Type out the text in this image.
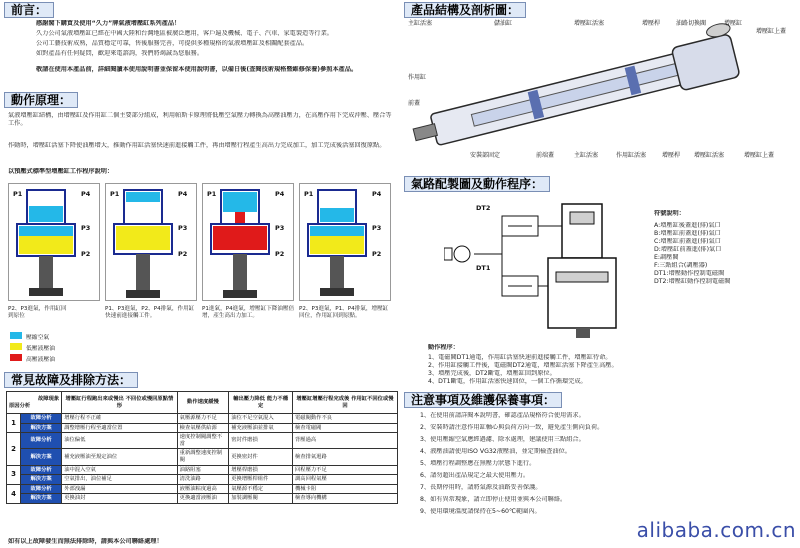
前言：
感謝閣下購買及使用“久力”牌氣液增壓缸系列產品！
久力公司氣液增壓缸已經在中國大陸和台灣地區被廣泛應用，客戶遍及機械、電子、汽車、家電製造等行業。
公司工藝技術成熟，品質穩定可靠，售後服務完善，可提供多種規格的氣液增壓缸及相關配套產品。
如對產品有任何疑問，歡迎來電諮詢，我們將竭誠為您服務。
敬請在使用本產品前，詳細閱讀本使用說明書並保留本使用說明書，以備日後(查閱技術規格暨維修保養)參照本產品。
動作原理：
氣液增壓缸結構，由增壓缸及作用缸二個主要部分組成，利用帕斯卡原理將低壓空氣壓力轉換為高壓油壓力，在高壓作用下完成沖壓、壓合等工作。
作動時，增壓缸活塞下降使油壓增大，推動作用缸活塞快速前進接觸工件，再由增壓行程產生高出力完成加工，加工完成後活塞回復原點。
以預壓式標準型增壓缸工作程序說明：
P1	P4
P3
P2
P1	P4
P3
P2
P1	P4
P3
P2
P1	P4
P3
P2
P2、P3進氣，作用缸回到原位
P1、P3進氣，P2、P4排氣，作用缸快速前進接觸工件。
P1進氣，P4進氣，增壓缸下降油壓倍增，產生高出力加工。
P2、P3進氣，P1、P4排氣，增壓缸回位，作用缸回到原點。
壓縮空氣
低壓液壓油
高壓液壓油
常見故障及排除方法：
故障現象
原因分析		增壓缸行程跑出來或慢出 不回位或慢回原點情形	動作速度緩慢	輸出壓力降低 能力不穩定	增壓缸增壓行程完成後 作用缸不回位或慢回
1	故障分析	增壓行程不正確	氣壓源壓力不足	油位不足空氣混入	電磁閥動作不良
	解決方案	調整增壓行程至適當位置	檢查氣壓供給源	補充液壓油並排氣	檢查電磁閥
2	故障分析	油位偏低	速度控制閥調整不當	密封件磨損	背壓過高
	解決方案	補充液壓油至規定油位	重新調整速度控制閥	更換密封件	檢查排氣迴路
3	故障分析	油中混入空氣	油路阻塞	增壓桿磨損	回程壓力不足
	解決方案	空氣排出，油位補足	清洗油路	更換增壓桿組件	調高回程氣壓
4	故障分析	外部洩漏	液壓油粘度過高	氣壓源不穩定	機械卡阻
	解決方案	更換油封	更換適當液壓油	加裝調壓閥	檢查導向機構
如有以上故障發生而無法排除時，請與本公司聯絡處理！
產品結構及剖析圖：
主缸活塞	儲油缸	增壓缸活塞	增壓桿	油路切換閥	增壓缸
增壓缸上蓋
作用缸
前蓋
安裝部固定	前端蓋	主缸活塞	作用缸活塞	增壓桿 增壓缸活塞	增壓缸上蓋
氣路配製圖及動作程序：
DT2
DT1
符號說明：
A:增壓缸後蓋進(排)氣口
B:增壓缸前蓋進(排)氣口
C:增壓缸前蓋進(排)氣口
D:增壓缸前蓋進(排)氣口
E:調壓閥
F:三點組合(調壓器)
DT1:增壓動作控制電磁閥
DT2:增壓缸動作控制電磁閥
動作程序：
1、電磁閥DT1通電，作用缸活塞快速前進接觸工件，增壓缸待命。
2、作用缸接觸工件後，電磁閥DT2通電，增壓缸活塞下降產生高壓。
3、增壓完成後，DT2斷電，增壓缸回到原位。
4、DT1斷電，作用缸活塞快速回位，一個工作循環完成。
注意事項及維護保養事項：
1、在使用前請詳閱本說明書，確認產品規格符合使用需求。
2、安裝時請注意作用缸軸心與負荷方向一致，避免產生側向負荷。
3、使用壓縮空氣應經過濾、除水處理，建議使用三點組合。
4、液壓油請使用ISO VG32液壓油，並定期檢查油位。
5、增壓行程調整應在無壓力狀態下進行。
6、請勿超出產品規定之最大使用壓力。
7、長期停用時，請將氣源及油路妥善保護。
8、如有異常現象，請立即停止使用並與本公司聯絡。
9、使用環境溫度請保持在5~60℃範圍內。
alibaba.com.cn
